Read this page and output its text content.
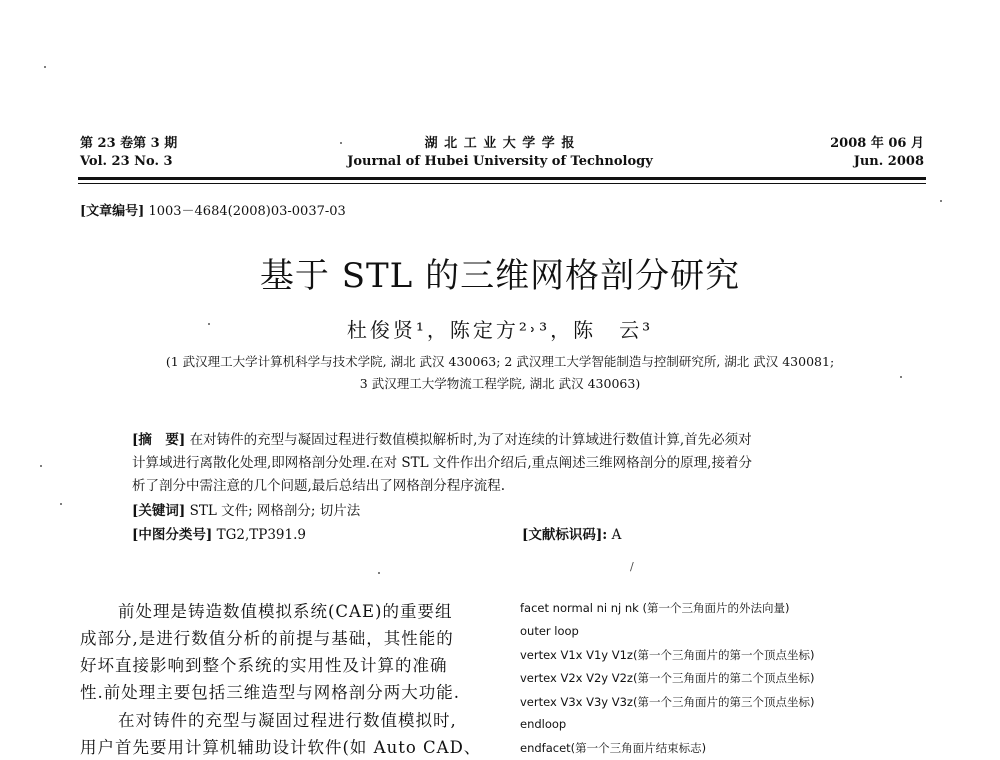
第 23 卷第 3 期
Vol. 23 No. 3
湖 北 工 业 大 学 学 报
Journal of Hubei University of Technology
2008 年 06 月
Jun. 2008
[文章编号] 1003－4684(2008)03-0037-03
基于 STL 的三维网格剖分研究
杜俊贤¹，陈定方²˒³，陈　云³
(1 武汉理工大学计算机科学与技术学院, 湖北 武汉 430063; 2 武汉理工大学智能制造与控制研究所, 湖北 武汉 430081;
3 武汉理工大学物流工程学院, 湖北 武汉 430063)
[摘　要] 在对铸件的充型与凝固过程进行数值模拟解析时,为了对连续的计算域进行数值计算,首先必须对
计算域进行离散化处理,即网格剖分处理.在对 STL 文件作出介绍后,重点阐述三维网格剖分的原理,接着分
析了剖分中需注意的几个问题,最后总结出了网格剖分程序流程.
[关键词] STL 文件; 网格剖分; 切片法
[中图分类号] TG2,TP391.9	[文献标识码]: A
/
前处理是铸造数值模拟系统(CAE)的重要组
成部分,是进行数值分析的前提与基础，其性能的
好坏直接影响到整个系统的实用性及计算的准确
性.前处理主要包括三维造型与网格剖分两大功能.
在对铸件的充型与凝固过程进行数值模拟时,
用户首先要用计算机辅助设计软件(如 Auto CAD、
facet normal ni nj nk (第一个三角面片的外法向量)
outer loop
vertex V1x V1y V1z(第一个三角面片的第一个顶点坐标)
vertex V2x V2y V2z(第一个三角面片的第二个顶点坐标)
vertex V3x V3y V3z(第一个三角面片的第三个顶点坐标)
endloop
endfacet(第一个三角面片结束标志)
